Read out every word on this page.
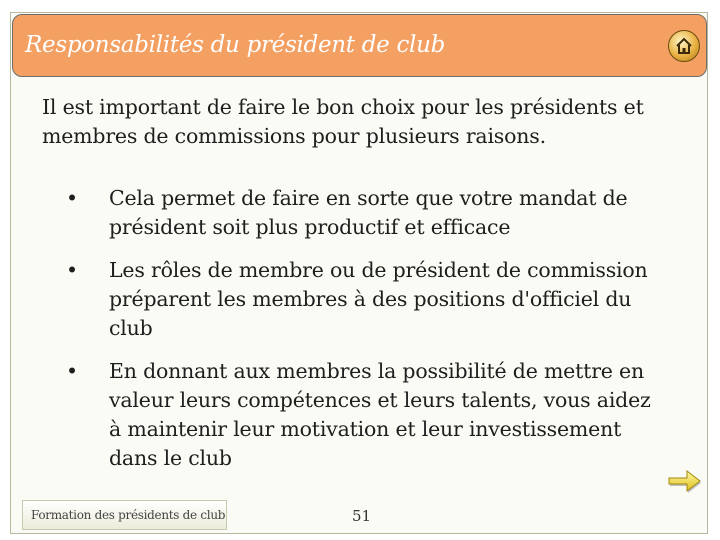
Responsabilités du président de club
Il est important de faire le bon choix pour les présidents et membres de commissions pour plusieurs raisons.
• Cela permet de faire en sorte que votre mandat de président soit plus productif et efficace
• Les rôles de membre ou de président de commission préparent les membres à des positions d'officiel du club
• En donnant aux membres la possibilité de mettre en valeur leurs compétences et leurs talents, vous aidez à maintenir leur motivation et leur investissement dans le club
Formation des présidents de club	51
